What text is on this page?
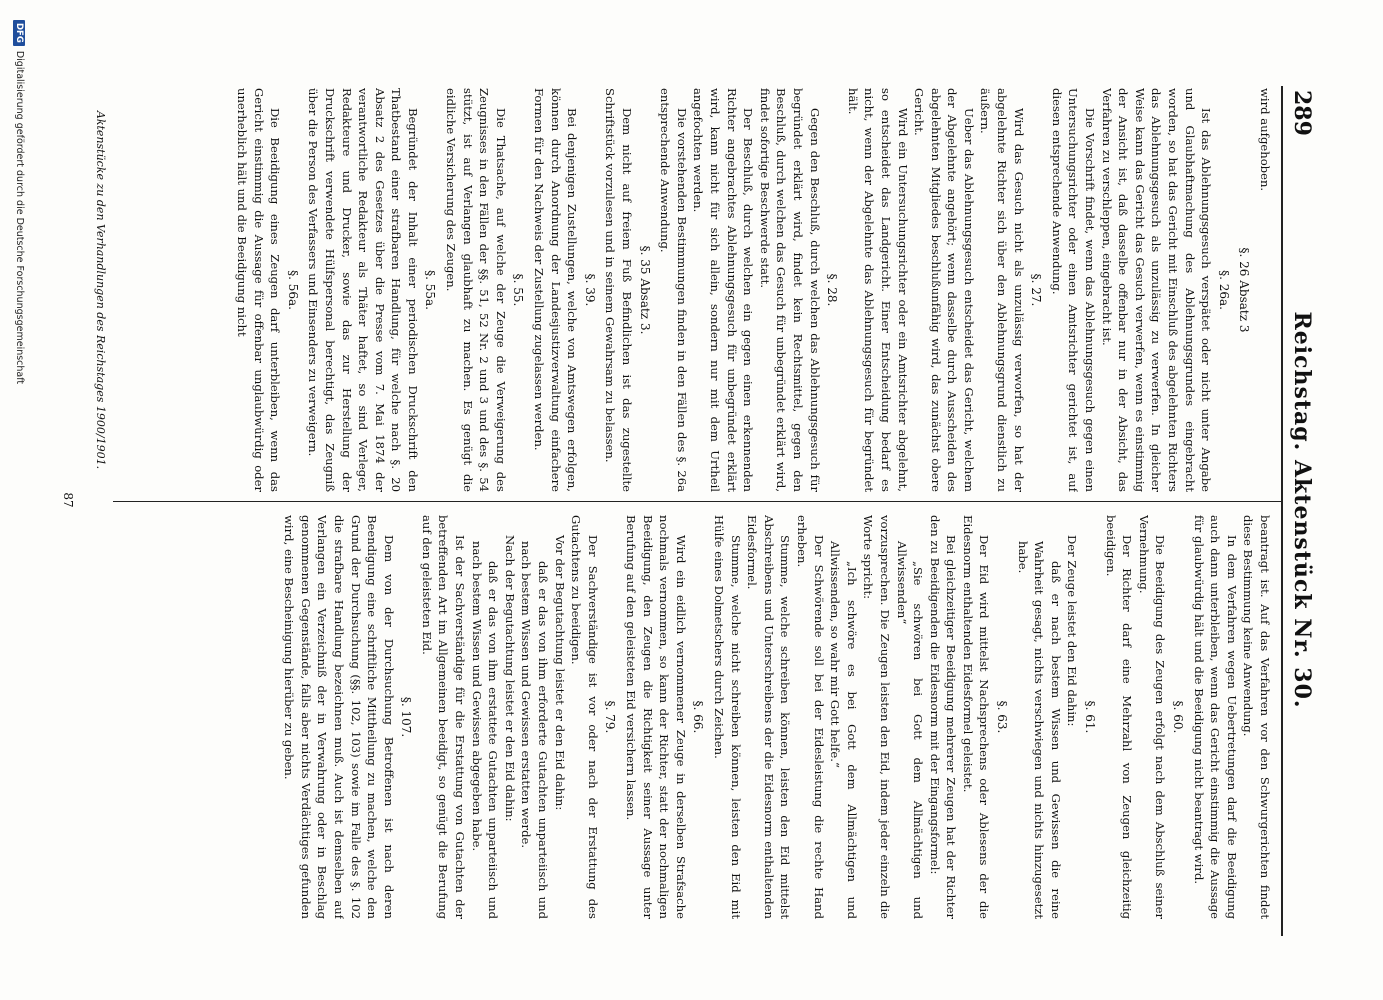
289
Reichstag. Aktenstück Nr. 30.
wird aufgehoben.
§. 26 Absatz 3
§. 26a.
Ist das Ablehnungsgesuch verspätet oder nicht unter Angabe und Glaubhaftmachung des Ablehnungsgrundes eingebracht worden, so hat das Gericht mit Einschluß des abgelehnten Richters das Ablehnungsgesuch als unzulässig zu verwerfen. In gleicher Weise kann das Gericht das Gesuch verwerfen, wenn es einstimmig der Ansicht ist, daß dasselbe offenbar nur in der Absicht, das Verfahren zu verschleppen, eingebracht ist.
Die Vorschrift findet, wenn das Ablehnungsgesuch gegen einen Untersuchungsrichter oder einen Amtsrichter gerichtet ist, auf diesen entsprechende Anwendung.
§. 27.
Wird das Gesuch nicht als unzulässig verworfen, so hat der abgelehnte Richter sich über den Ablehnungsgrund dienstlich zu äußern.
Ueber das Ablehnungsgesuch entscheidet das Gericht, welchem der Abgelehnte angehört; wenn dasselbe durch Ausscheiden des abgelehnten Mitgliedes beschlußunfähig wird, das zunächst obere Gericht.
Wird ein Untersuchungsrichter oder ein Amtsrichter abgelehnt, so entscheidet das Landgericht. Einer Entscheidung bedarf es nicht, wenn der Abgelehnte das Ablehnungsgesuch für begründet hält.
§. 28.
Gegen den Beschluß, durch welchen das Ablehnungsgesuch für begründet erklärt wird, findet kein Rechtsmittel, gegen den Beschluß, durch welchen das Gesuch für unbegründet erklärt wird, findet sofortige Beschwerde statt.
Der Beschluß, durch welchen ein gegen einen erkennenden Richter angebrachtes Ablehnungsgesuch für unbegründet erklärt wird, kann nicht für sich allein, sondern nur mit dem Urtheil angefochten werden.
Die vorstehenden Bestimmungen finden in den Fällen des §. 26a entsprechende Anwendung.
§. 35 Absatz 3.
Dem nicht auf freiem Fuß Befindlichen ist das zugestellte Schriftstück vorzulesen und in seinem Gewahrsam zu belassen.
§. 39.
Bei denjenigen Zustellungen, welche von Amtswegen erfolgen, können durch Anordnung der Landesjustizverwaltung einfachere Formen für den Nachweis der Zustellung zugelassen werden.
§. 55.
Die Thatsache, auf welche der Zeuge die Verweigerung des Zeugnisses in den Fällen der §§. 51, 52 Nr. 2 und 3 und des §. 54 stützt, ist auf Verlangen glaubhaft zu machen. Es genügt die eidliche Versicherung des Zeugen.
§. 55a.
Begründet der Inhalt einer periodischen Druckschrift den Thatbestand einer strafbaren Handlung, für welche nach §. 20 Absatz 2 des Gesetzes über die Presse vom 7. Mai 1874 der verantwortliche Redakteur als Thäter haftet, so sind Verleger, Redakteure und Drucker, sowie das zur Herstellung der Druckschrift verwendete Hülfspersonal berechtigt, das Zeugniß über die Person des Verfassers und Einsenders zu verweigern.
§. 56a.
Die Beeidigung eines Zeugen darf unterbleiben, wenn das Gericht einstimmig die Aussage für offenbar unglaubwürdig oder unerheblich hält und die Beeidigung nicht
beantragt ist. Auf das Verfahren vor den Schwurgerichten findet diese Bestimmung keine Anwendung.
In dem Verfahren wegen Uebertretungen darf die Beeidigung auch dann unterbleiben, wenn das Gericht einstimmig die Aussage für glaubwürdig hält und die Beeidigung nicht beantragt wird.
§. 60.
Die Beeidigung des Zeugen erfolgt nach dem Abschluß seiner Vernehmung.
Der Richter darf eine Mehrzahl von Zeugen gleichzeitig beeidigen.
§. 61.
Der Zeuge leistet den Eid dahin:
daß er nach bestem Wissen und Gewissen die reine Wahrheit gesagt, nichts verschwiegen und nichts hinzugesetzt habe.
§. 63.
Der Eid wird mittelst Nachsprechens oder Ablesens der die Eidesnorm enthaltenden Eidesformel geleistet.
Bei gleichzeitiger Beeidigung mehrerer Zeugen hat der Richter den zu Beeidigenden die Eidesnorm mit der Eingangsformel:
„Sie schwören bei Gott dem Allmächtigen und Allwissenden“
vorzusprechen. Die Zeugen leisten den Eid, indem jeder einzeln die Worte spricht:
„Ich schwöre es bei Gott dem Allmächtigen und Allwissenden, so wahr mir Gott helfe.“
Der Schwörende soll bei der Eidesleistung die rechte Hand erheben.
Stumme, welche schreiben können, leisten den Eid mittelst Abschreibens und Unterschreibens der die Eidesnorm enthaltenden Eidesformel.
Stumme, welche nicht schreiben können, leisten den Eid mit Hülfe eines Dolmetschers durch Zeichen.
§. 66.
Wird ein eidlich vernommener Zeuge in derselben Strafsache nochmals vernommen, so kann der Richter, statt der nochmaligen Beeidigung, den Zeugen die Richtigkeit seiner Aussage unter Berufung auf den geleisteten Eid versichern lassen.
§. 79.
Der Sachverständige ist vor oder nach der Erstattung des Gutachtens zu beeidigen.
Vor der Begutachtung leistet er den Eid dahin:
daß er das von ihm erforderte Gutachten unparteiisch und nach bestem Wissen und Gewissen erstatten werde.
Nach der Begutachtung leistet er den Eid dahin:
daß er das von ihm erstattete Gutachten unparteiisch und nach bestem Wissen und Gewissen abgegeben habe.
Ist der Sachverständige für die Erstattung von Gutachten der betreffenden Art im Allgemeinen beeidigt, so genügt die Berufung auf den geleisteten Eid.
§. 107.
Dem von der Durchsuchung Betroffenen ist nach deren Beendigung eine schriftliche Mittheilung zu machen, welche den Grund der Durchsuchung (§§. 102, 103) sowie im Falle des §. 102 die strafbare Handlung bezeichnen muß. Auch ist demselben auf Verlangen ein Verzeichniß der in Verwahrung oder in Beschlag genommenen Gegenstände, falls aber nichts Verdächtiges gefunden wird, eine Bescheinigung hierüber zu geben.
Aktenstücke zu den Verhandlungen des Reichstages 1900/1901.
87
DFGDigitalisierung gefördert durch die Deutsche Forschungsgemeinschaft
